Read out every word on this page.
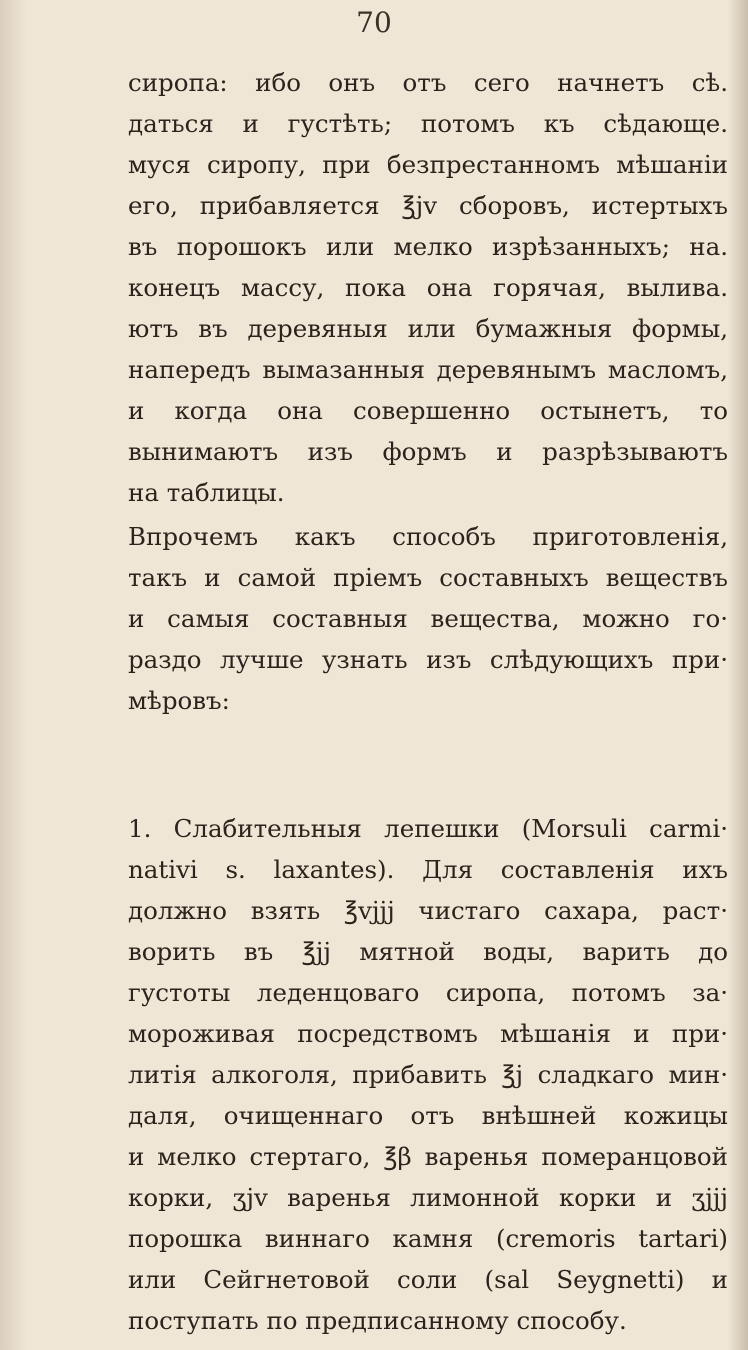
70
сиропа: ибо онъ отъ сего начнетъ сѣ.
даться и густѣть; потомъ къ сѣдающе.
муся сиропу, при безпрестанномъ мѣшаніи
его, прибавляется ℥jv сборовъ, истертыхъ
въ порошокъ или мелко изрѣзанныхъ; на.
конецъ массу, пока она горячая, вылива.
ютъ въ деревяныя или бумажныя формы,
напередъ вымазанныя деревянымъ масломъ,
и когда она совершенно остынетъ, то
вынимаютъ изъ формъ и разрѣзываютъ
на таблицы.
Впрочемъ какъ способъ приготовленія,
такъ и самой пріемъ составныхъ веществъ
и самыя составныя вещества, можно го·
раздо лучше узнать изъ слѣдующихъ при·
мѣровъ:
1. Слабительныя лепешки (Morsuli carmi·
nativi s. laxantes). Для составленія ихъ
должно взять ℥vjjj чистаго сахара, раст·
ворить въ ℥jj мятной воды, варить до
густоты леденцоваго сиропа, потомъ за·
мороживая посредствомъ мѣшанія и при·
литія алкоголя, прибавить ℥j сладкаго мин·
даля, очищеннаго отъ внѣшней кожицы
и мелко стертаго, ℥β варенья померанцовой
корки, ʒjv варенья лимонной корки и ʒjjj
порошка виннаго камня (cremoris tartari)
или Сейгнетовой соли (sal Seygnetti) и
поступать по предписанному способу.
